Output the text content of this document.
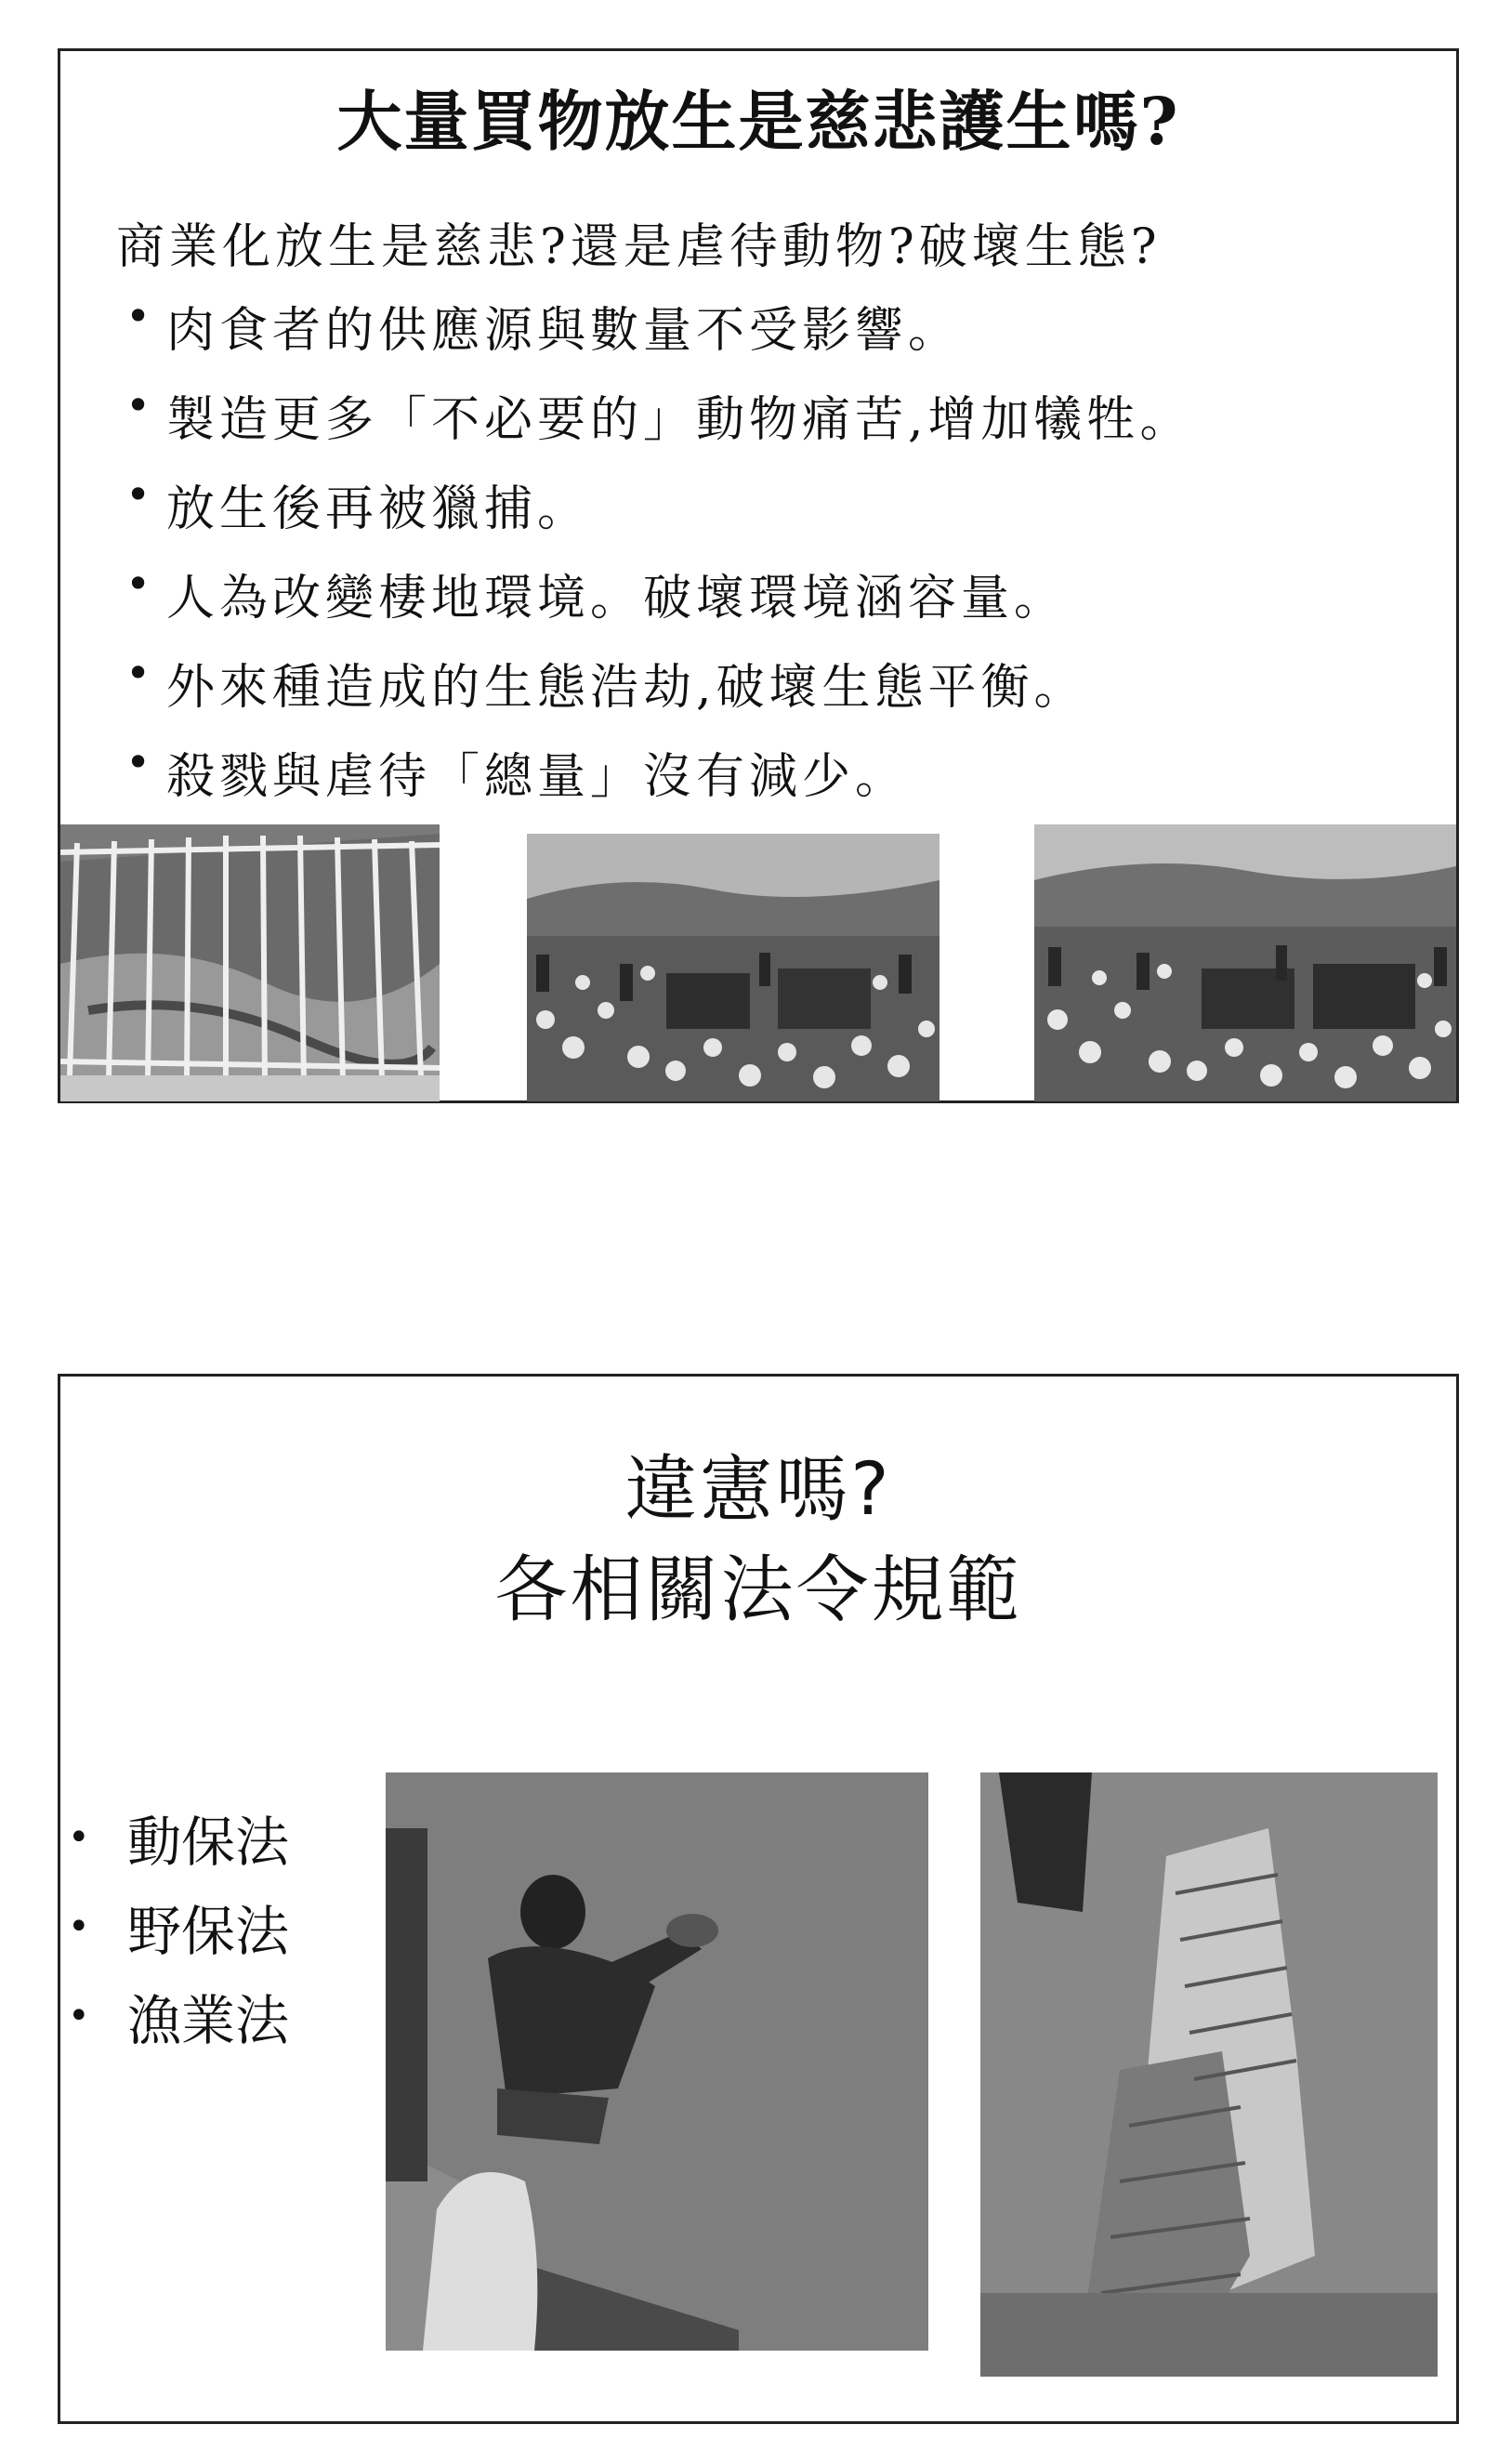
大量買物放生是慈悲護生嗎?
商業化放生是慈悲?還是虐待動物?破壞生態?
• 肉食者的供應源與數量不受影響。
• 製造更多「不必要的」動物痛苦,增加犧牲。
• 放生後再被獵捕。
• 人為改變棲地環境。破壞環境涵容量。
• 外來種造成的生態浩劫,破壞生態平衡。
• 殺戮與虐待「總量」沒有減少。
違憲嗎?
各相關法令規範
• 動保法
• 野保法
• 漁業法
